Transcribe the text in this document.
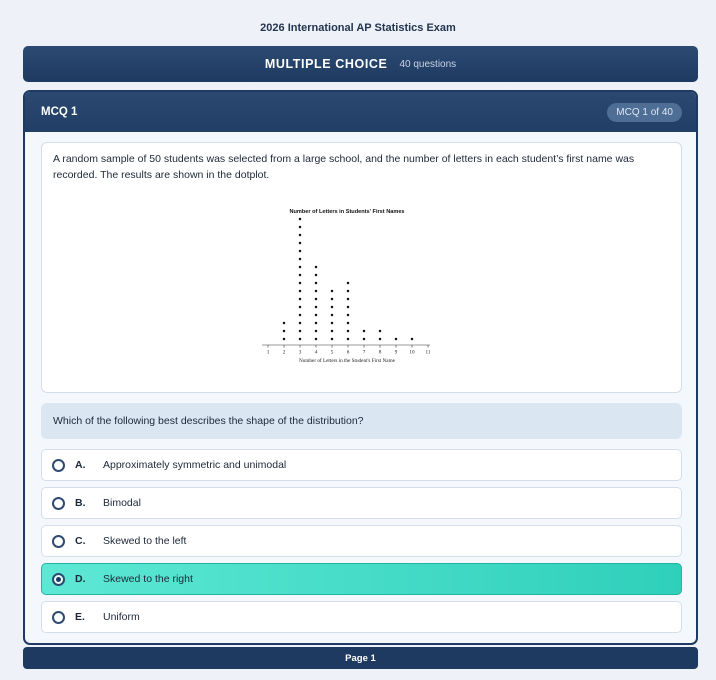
2026 International AP Statistics Exam
MULTIPLE CHOICE 40 questions
MCQ 1	MCQ 1 of 40
A random sample of 50 students was selected from a large school, and the number of letters in each student’s first name was recorded. The results are shown in the dotplot.
Number of Letters in Students' First Names
1	2	3	4	5	6	7	8	9 10 11
Number of Letters in the Student's First Name
Which of the following best describes the shape of the distribution?
A. Approximately symmetric and unimodal
B. Bimodal
C. Skewed to the left
D. Skewed to the right
E. Uniform
Page 1
